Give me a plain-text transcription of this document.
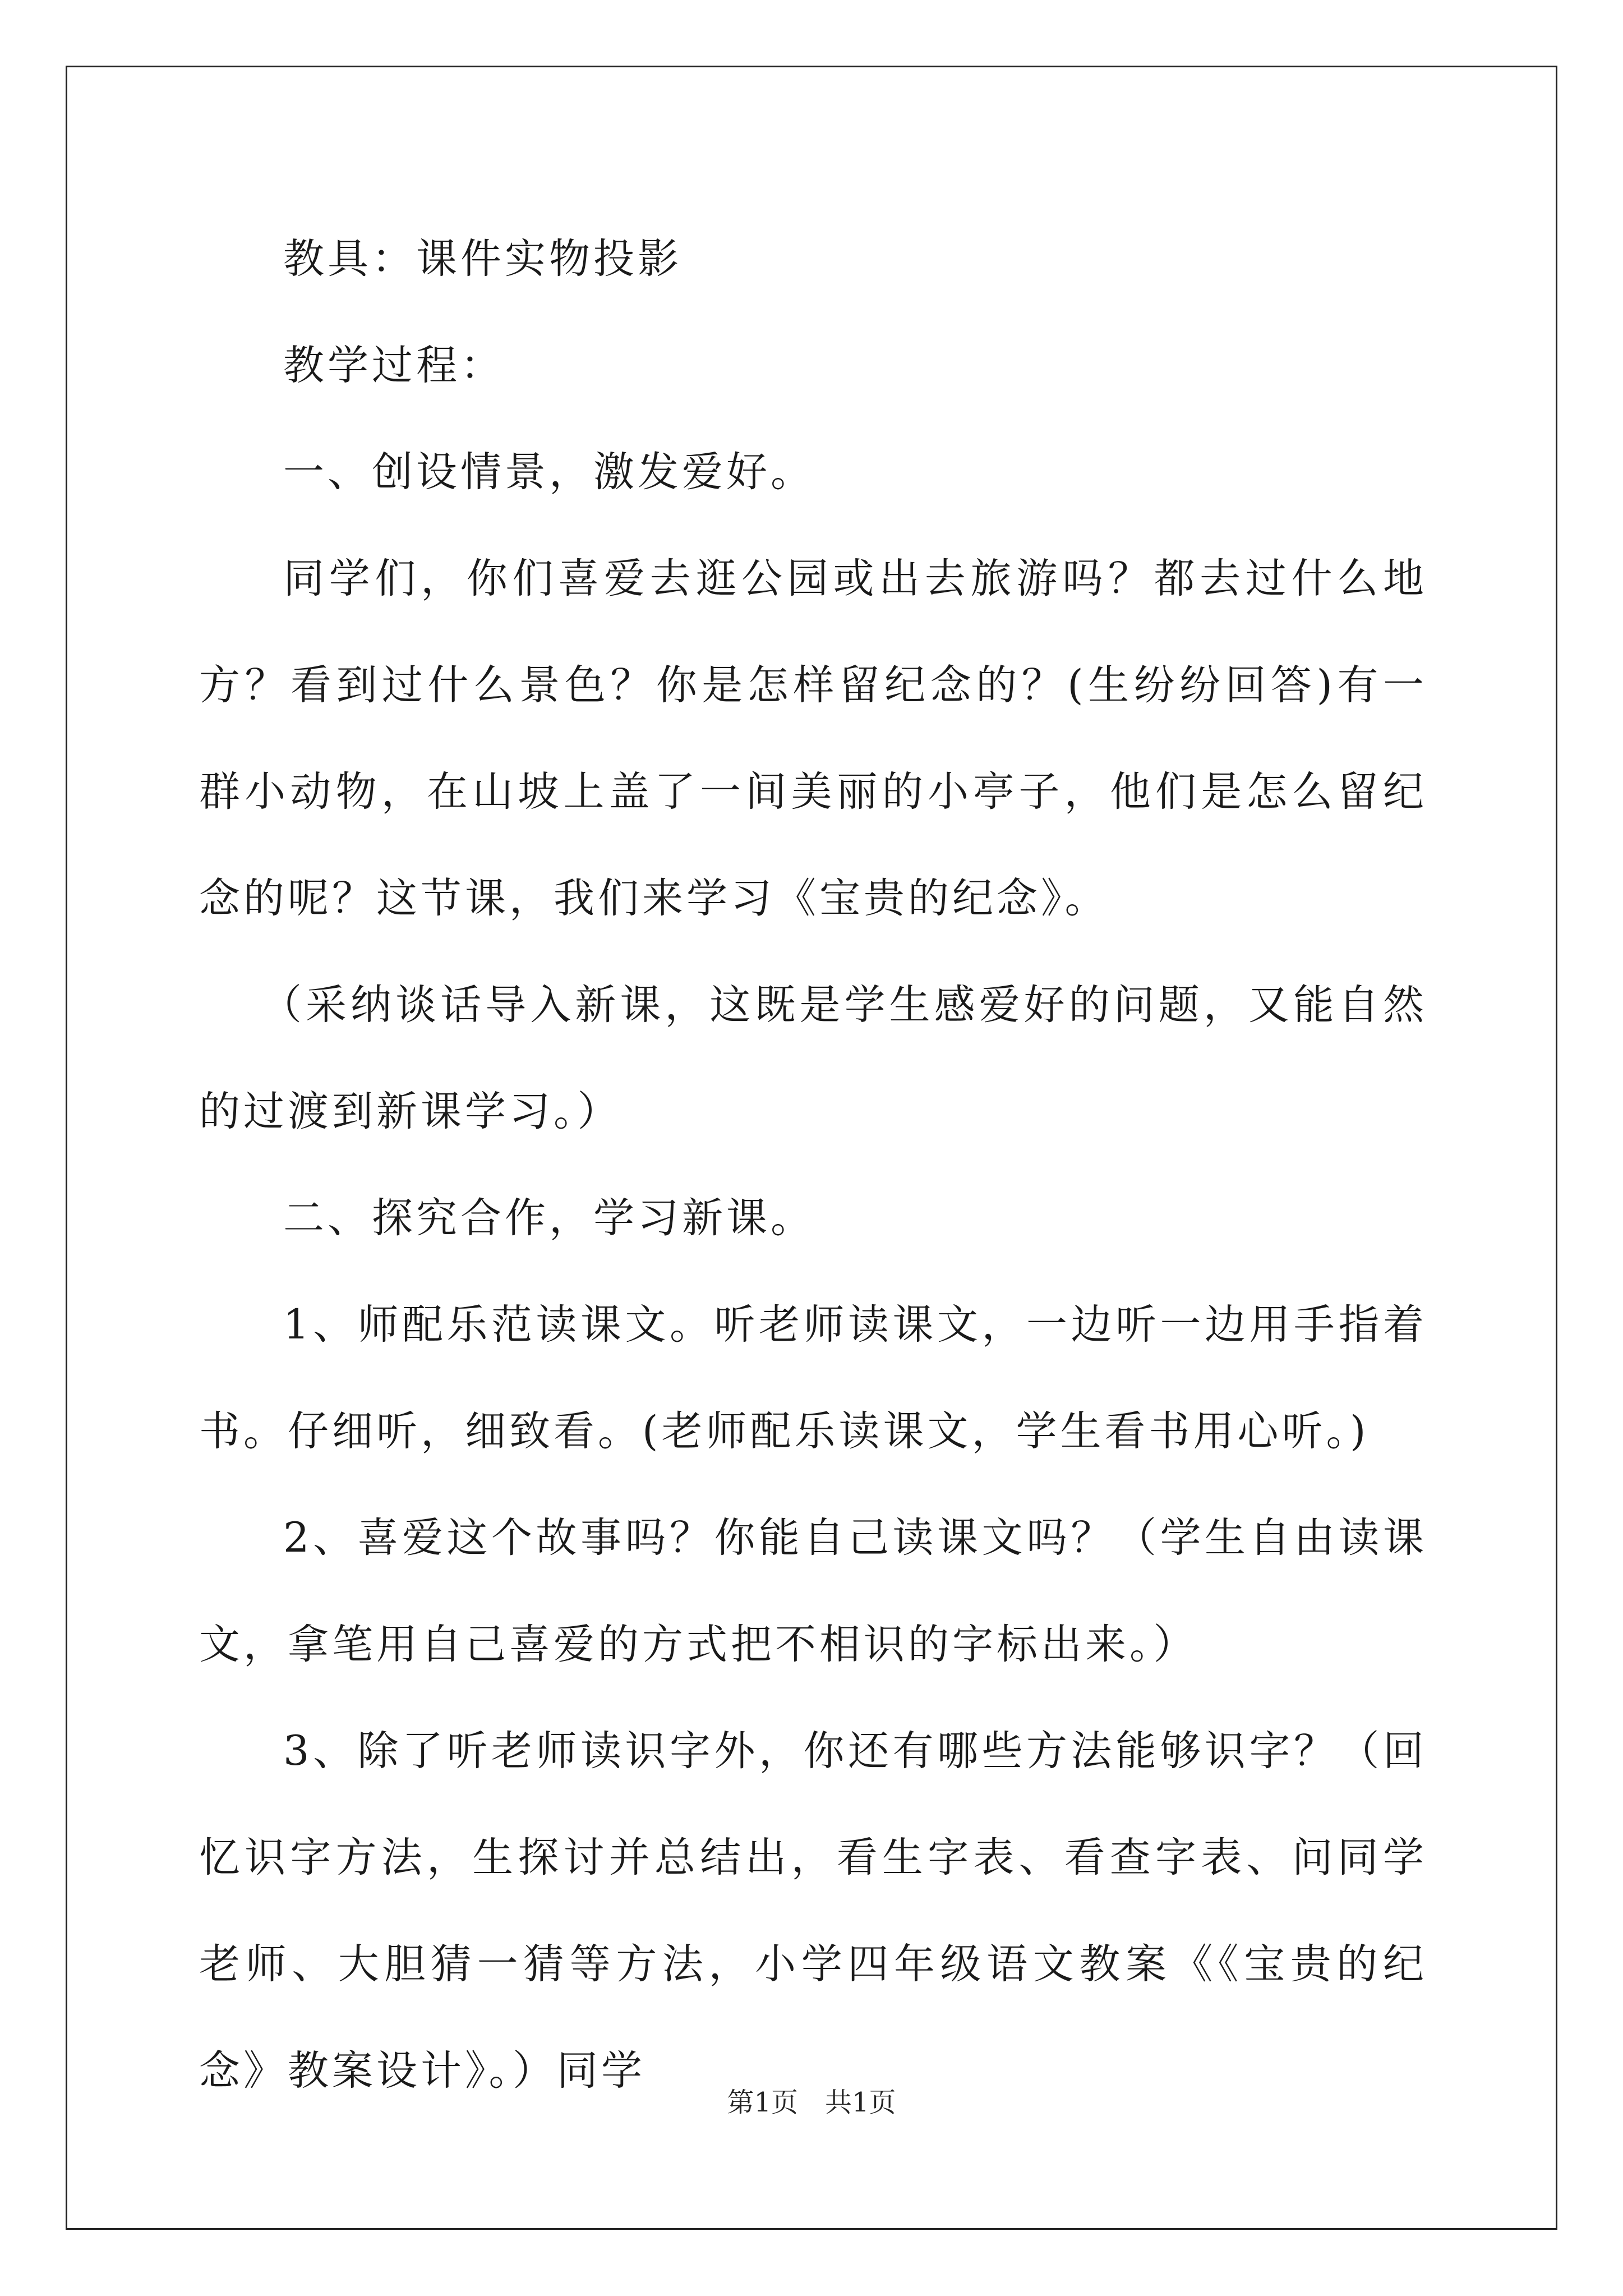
教具：课件实物投影

教学过程：

一、创设情景，激发爱好。

同学们，你们喜爱去逛公园或出去旅游吗？都去过什么地方？看到过什么景色？你是怎样留纪念的？(生纷纷回答)有一群小动物，在山坡上盖了一间美丽的小亭子，他们是怎么留纪念的呢？这节课，我们来学习《宝贵的纪念》。

（采纳谈话导入新课，这既是学生感爱好的问题，又能自然的过渡到新课学习。）

二、探究合作，学习新课。

1、师配乐范读课文。听老师读课文，一边听一边用手指着书。仔细听，细致看。(老师配乐读课文，学生看书用心听。)

2、喜爱这个故事吗？你能自己读课文吗？（学生自由读课文，拿笔用自己喜爱的方式把不相识的字标出来。）

3、除了听老师读识字外，你还有哪些方法能够识字？（回忆识字方法，生探讨并总结出，看生字表、看查字表、问同学老师、大胆猜一猜等方法，小学四年级语文教案《《宝贵的纪念》教案设计》。）同学

第1页　共1页
